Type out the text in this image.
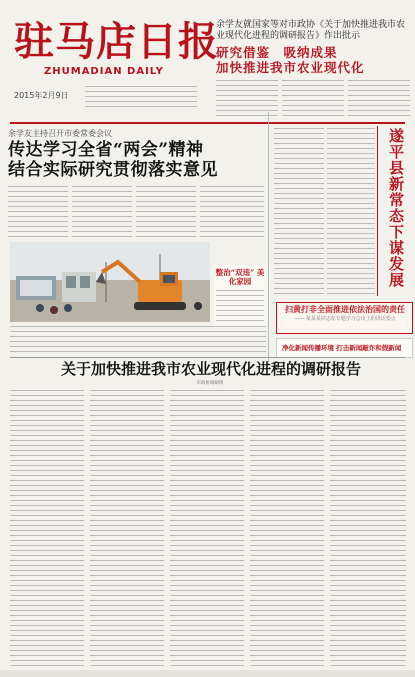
驻马店日报
ZHUMADIAN DAILY
2015年2月9日
余学友就国家等对市政协《关于加快推进我市农业现代化进程的调研报告》作出批示
研究借鉴　吸纳成果
加快推进我市农业现代化
余学友主持召开市委常委会议
传达学习全省“两会”精神
结合实际研究贯彻落实意见	遂平县新常态下谋发展
整治“双违” 美化家园
扫黄打非全面推进依法治国的责任
—— 某某某同志在专题学习会议上的讲话要点
净化新闻传播环境 打击新闻敲诈和假新闻
关于加快推进我市农业现代化进程的调研报告
市政协调研组
